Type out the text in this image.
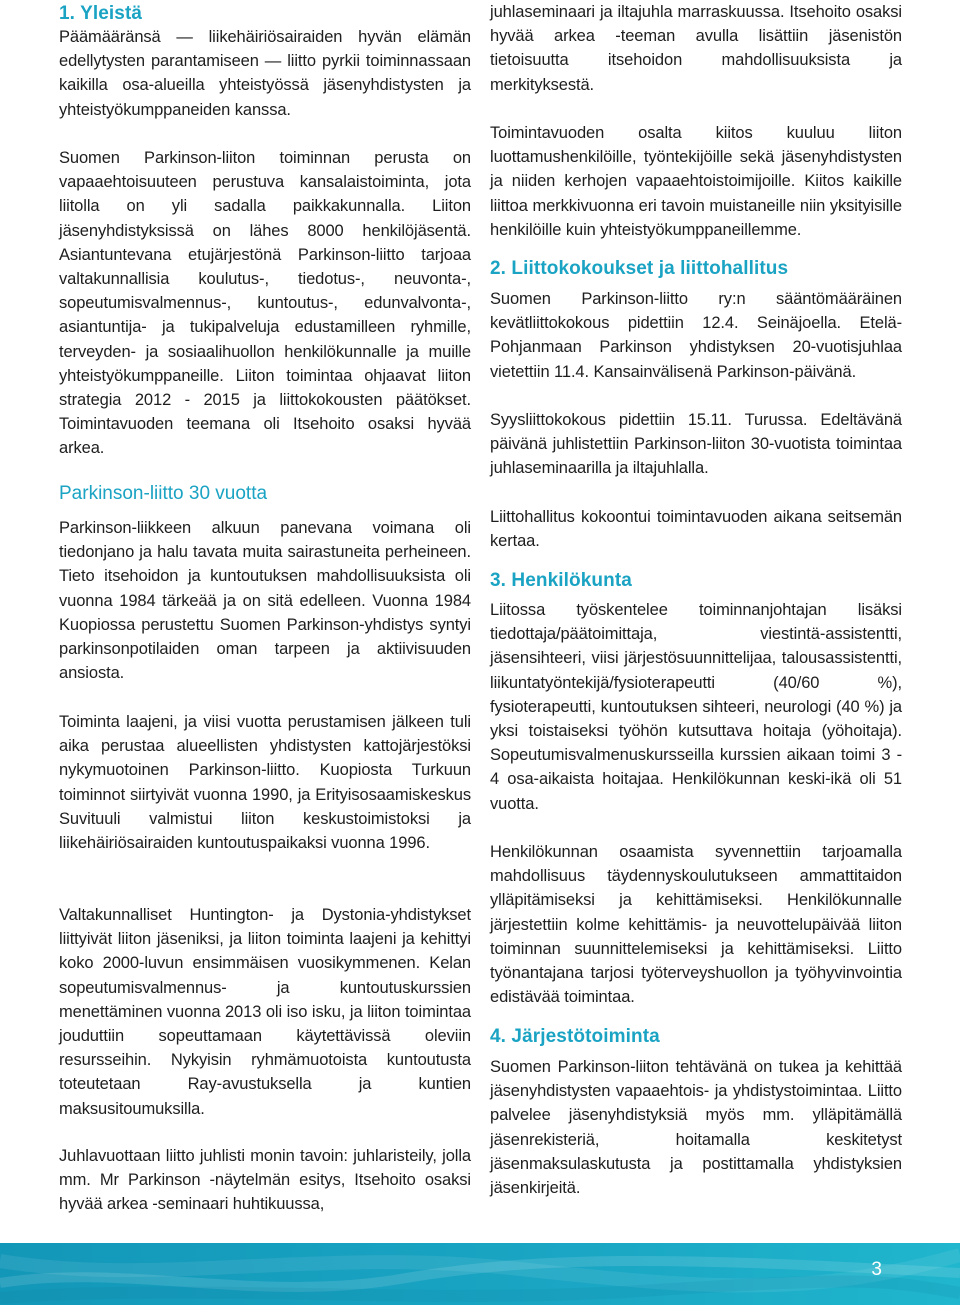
1. Yleistä

Päämääränsä — liikehäiriösairaiden hyvän elämän edellytysten parantamiseen — liitto pyrkii toiminnassaan kaikilla osa-alueilla yhteistyössä jäsenyhdistysten ja yhteistyökumppaneiden kanssa.

Suomen Parkinson-liiton toiminnan perusta on vapaaehtoisuuteen perustuva kansalaistoiminta, jota liitolla on yli sadalla paikkakunnalla. Liiton jäsenyhdistyksissä on lähes 8000 henkilöjäsentä. Asiantuntevana etujärjestönä Parkinson-liitto tarjoaa valtakunnallisia koulutus-, tiedotus-, neuvonta-, sopeutumisvalmennus-, kuntoutus-, edunvalvonta-, asiantuntija- ja tukipalveluja edustamilleen ryhmille, terveyden- ja sosiaalihuollon henkilökunnalle ja muille yhteistyökumppaneille. Liiton toimintaa ohjaavat liiton strategia 2012 - 2015 ja liittokokousten päätökset. Toimintavuoden teemana oli Itsehoito osaksi hyvää arkea.

Parkinson-liitto 30 vuotta

Parkinson-liikkeen alkuun panevana voimana oli tiedonjano ja halu tavata muita sairastuneita perheineen. Tieto itsehoidon ja kuntoutuksen mahdollisuuksista oli vuonna 1984 tärkeää ja on sitä edelleen. Vuonna 1984 Kuopiossa perustettu Suomen Parkinson-yhdistys syntyi parkinsonpotilaiden oman tarpeen ja aktiivisuuden ansiosta.

Toiminta laajeni, ja viisi vuotta perustamisen jälkeen tuli aika perustaa alueellisten yhdistysten kattojärjestöksi nykymuotoinen Parkinson-liitto. Kuopiosta Turkuun toiminnot siirtyivät vuonna 1990, ja Erityisosaamiskeskus Suvituuli valmistui liiton keskustoimistoksi ja liikehäiriösairaiden kuntoutuspaikaksi vuonna 1996.

Valtakunnalliset Huntington- ja Dystonia-yhdistykset liittyivät liiton jäseniksi, ja liiton toiminta laajeni ja kehittyi koko 2000-luvun ensimmäisen vuosikymmenen. Kelan sopeutumisvalmennus- ja kuntoutuskurssien menettäminen vuonna 2013 oli iso isku, ja liiton toimintaa jouduttiin sopeuttamaan käytettävissä oleviin resursseihin. Nykyisin ryhmämuotoista kuntoutusta toteutetaan Ray-avustuksella ja kuntien maksusitoumuksilla.

Juhlavuottaan liitto juhlisti monin tavoin: juhlaristeily, jolla mm. Mr Parkinson -näytelmän esitys, Itsehoito osaksi hyvää arkea -seminaari huhtikuussa,

juhlaseminaari ja iltajuhla marraskuussa. Itsehoito osaksi hyvää arkea -teeman avulla lisättiin jäsenistön tietoisuutta itsehoidon mahdollisuuksista ja merkityksestä.

Toimintavuoden osalta kiitos kuuluu liiton luottamushenkilöille, työntekijöille sekä jäsenyhdistysten ja niiden kerhojen vapaaehtoistoimijoille. Kiitos kaikille liittoa merkkivuonna eri tavoin muistaneille niin yksityisille henkilöille kuin yhteistyökumppaneillemme.

2. Liittokokoukset ja liittohallitus

Suomen Parkinson-liitto ry:n sääntömääräinen kevätliittokokous pidettiin 12.4. Seinäjoella. Etelä-Pohjanmaan Parkinson yhdistyksen 20-vuotisjuhlaa vietettiin 11.4. Kansainvälisenä Parkinson-päivänä.

Syysliittokokous pidettiin 15.11. Turussa. Edeltävänä päivänä juhlistettiin Parkinson-liiton 30-vuotista toimintaa juhlaseminaarilla ja iltajuhlalla.

Liittohallitus kokoontui toimintavuoden aikana seitsemän kertaa.

3. Henkilökunta

Liitossa työskentelee toiminnanjohtajan lisäksi tiedottaja/päätoimittaja, viestintä-assistentti, jäsensihteeri, viisi järjestösuunnittelijaa, talousassistentti, liikuntatyöntekijä/fysioterapeutti (40/60 %), fysioterapeutti, kuntoutuksen sihteeri, neurologi (40 %) ja yksi toistaiseksi työhön kutsuttava hoitaja (yöhoitaja). Sopeutumisvalmenuskursseilla kurssien aikaan toimi 3 - 4 osa-aikaista hoitajaa. Henkilökunnan keski-ikä oli 51 vuotta.

Henkilökunnan osaamista syvennettiin tarjoamalla mahdollisuus täydennyskoulutukseen ammattitaidon ylläpitämiseksi ja kehittämiseksi. Henkilökunnalle järjestettiin kolme kehittämis- ja neuvottelupäivää liiton toiminnan suunnittelemiseksi ja kehittämiseksi. Liitto työnantajana tarjosi työterveyshuollon ja työhyvinvointia edistävää toimintaa.

4. Järjestötoiminta

Suomen Parkinson-liiton tehtävänä on tukea ja kehittää jäsenyhdistysten vapaaehtois- ja yhdistystoimintaa. Liitto palvelee jäsenyhdistyksiä myös mm. ylläpitämällä jäsenrekisteriä, hoitamalla keskitetyst jäsenmaksulaskutusta ja postittamalla yhdistyksien jäsenkirjeitä.

3
